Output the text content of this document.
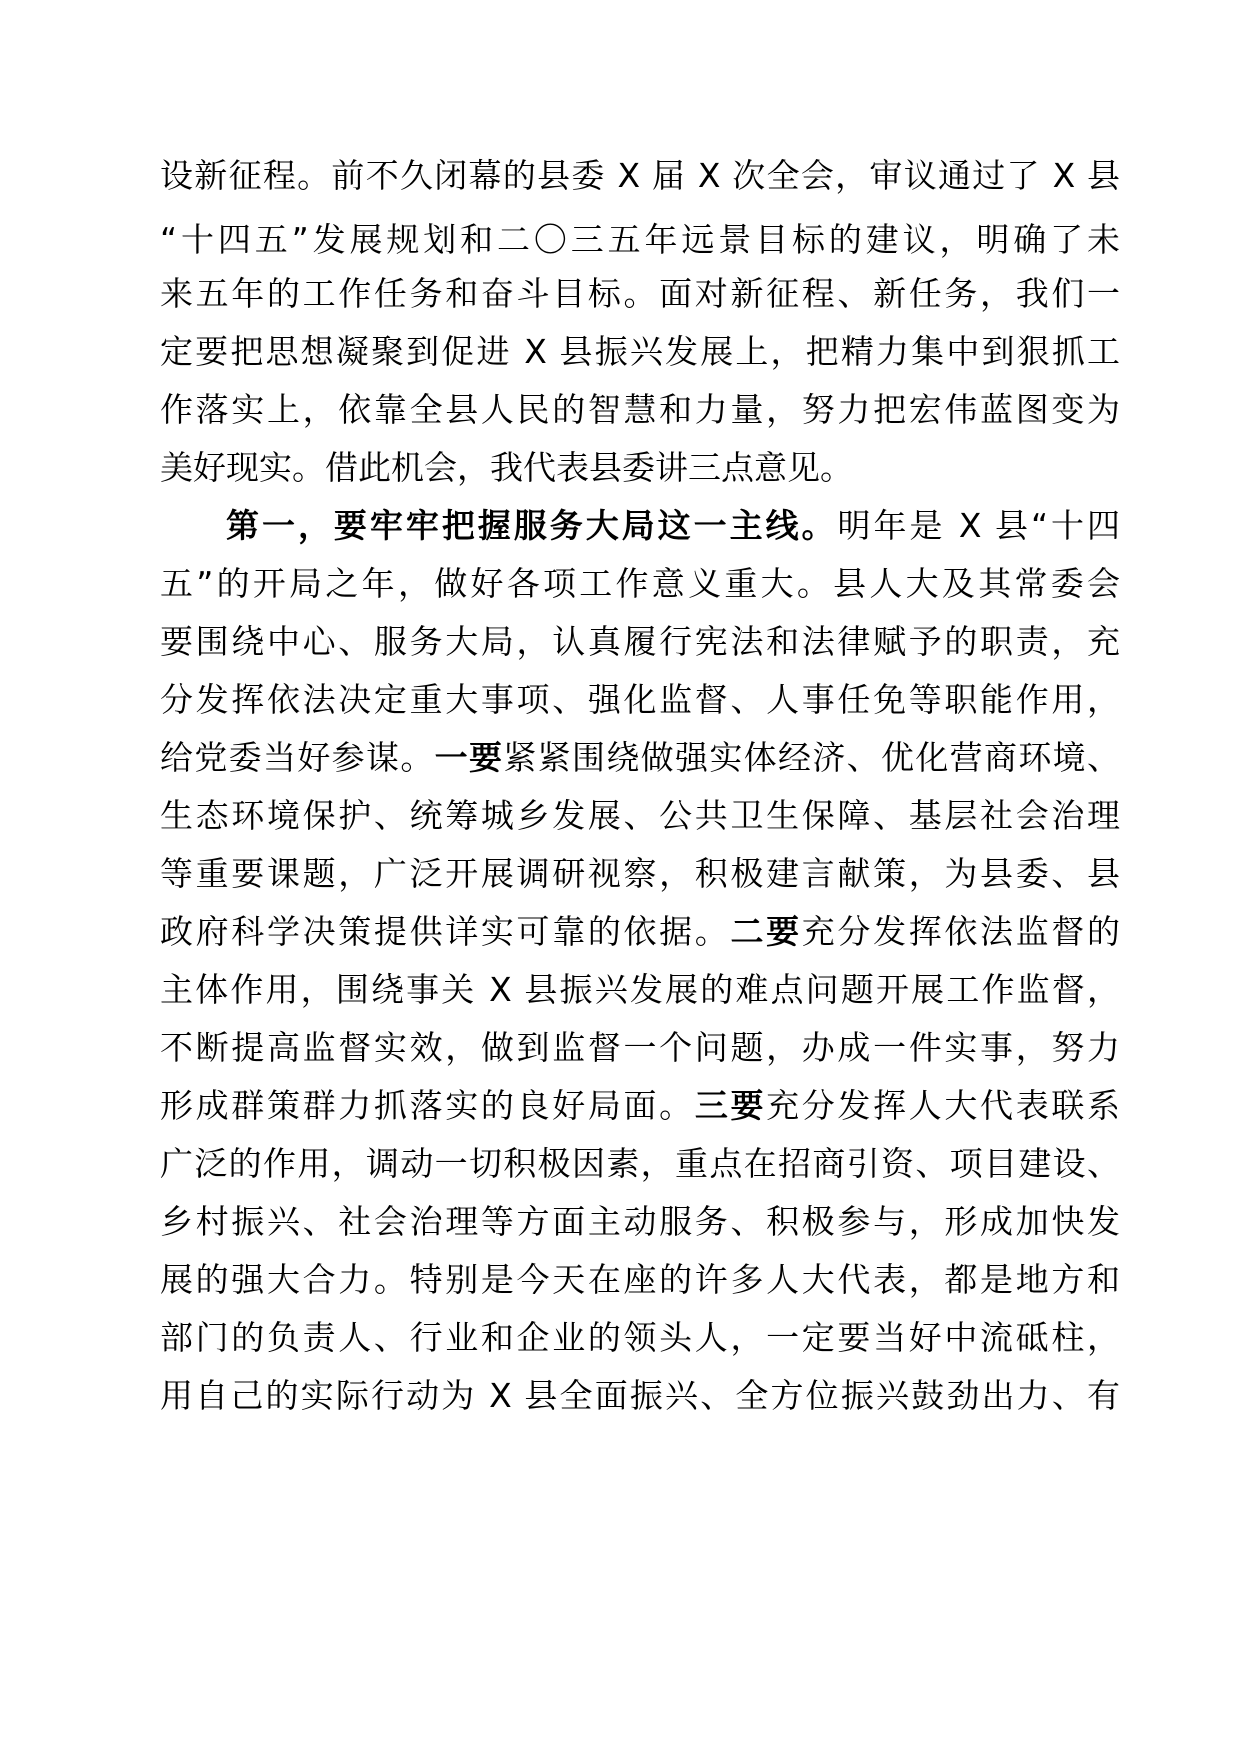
设新征程。前不久闭幕的县委 X 届 X 次全会，审议通过了 X 县
“十四五”发展规划和二〇三五年远景目标的建议，明确了未
来五年的工作任务和奋斗目标。面对新征程、新任务，我们一
定要把思想凝聚到促进 X 县振兴发展上，把精力集中到狠抓工
作落实上，依靠全县人民的智慧和力量，努力把宏伟蓝图变为
美好现实。借此机会，我代表县委讲三点意见。
第一，要牢牢把握服务大局这一主线。明年是 X 县“十四
五”的开局之年，做好各项工作意义重大。县人大及其常委会
要围绕中心、服务大局，认真履行宪法和法律赋予的职责，充
分发挥依法决定重大事项、强化监督、人事任免等职能作用，
给党委当好参谋。一要紧紧围绕做强实体经济、优化营商环境、
生态环境保护、统筹城乡发展、公共卫生保障、基层社会治理
等重要课题，广泛开展调研视察，积极建言献策，为县委、县
政府科学决策提供详实可靠的依据。二要充分发挥依法监督的
主体作用，围绕事关 X 县振兴发展的难点问题开展工作监督，
不断提高监督实效，做到监督一个问题，办成一件实事，努力
形成群策群力抓落实的良好局面。三要充分发挥人大代表联系
广泛的作用，调动一切积极因素，重点在招商引资、项目建设、
乡村振兴、社会治理等方面主动服务、积极参与，形成加快发
展的强大合力。特别是今天在座的许多人大代表，都是地方和
部门的负责人、行业和企业的领头人，一定要当好中流砥柱，
用自己的实际行动为 X 县全面振兴、全方位振兴鼓劲出力、有
